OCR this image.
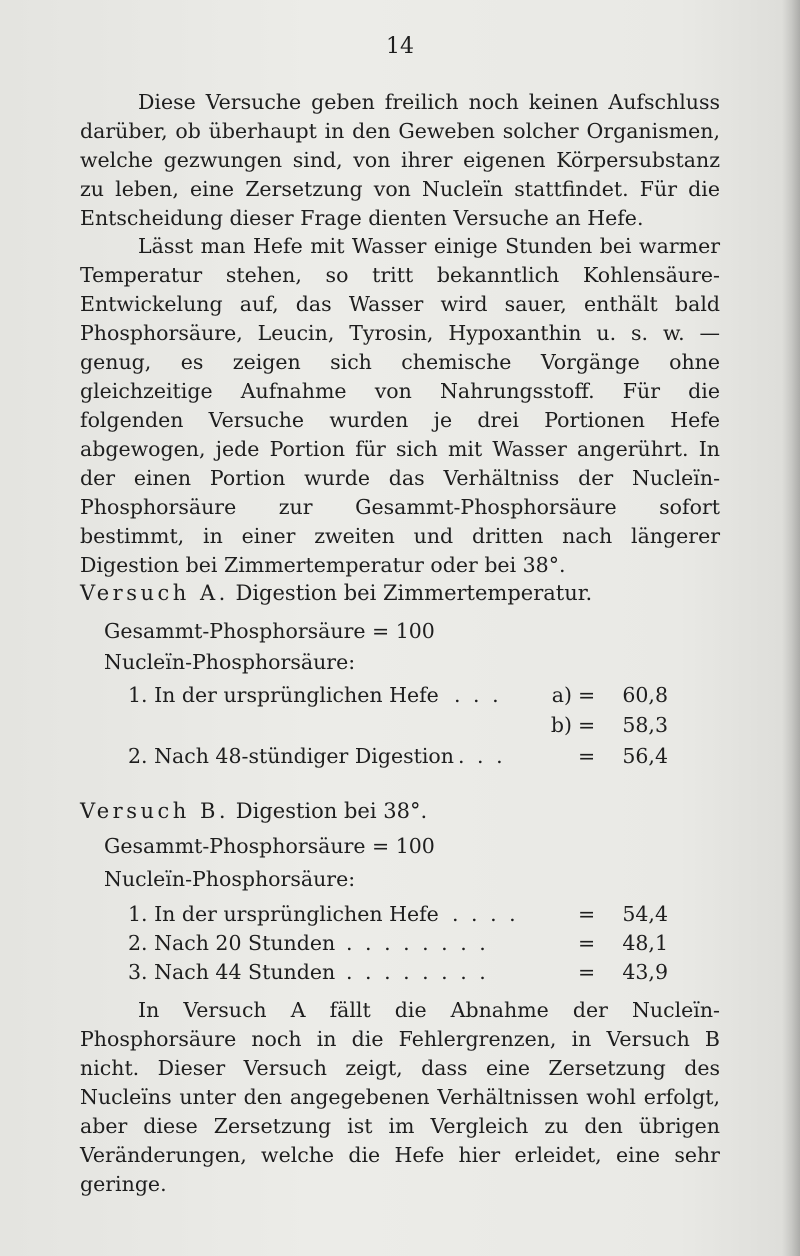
14

Diese Versuche geben freilich noch keinen Aufschluss darüber, ob überhaupt in den Geweben solcher Organismen, welche gezwungen sind, von ihrer eigenen Körpersubstanz zu leben, eine Zersetzung von Nucleïn stattfindet. Für die Entscheidung dieser Frage dienten Versuche an Hefe.

Lässt man Hefe mit Wasser einige Stunden bei warmer Temperatur stehen, so tritt bekanntlich Kohlensäure-Entwickelung auf, das Wasser wird sauer, enthält bald Phosphorsäure, Leucin, Tyrosin, Hypoxanthin u. s. w. — genug, es zeigen sich chemische Vorgänge ohne gleichzeitige Aufnahme von Nahrungsstoff. Für die folgenden Versuche wurden je drei Portionen Hefe abgewogen, jede Portion für sich mit Wasser angerührt. In der einen Portion wurde das Verhältniss der Nucleïn-Phosphorsäure zur Gesammt-Phosphorsäure sofort bestimmt, in einer zweiten und dritten nach längerer Digestion bei Zimmertemperatur oder bei 38°.

Versuch A. Digestion bei Zimmertemperatur.
Gesammt-Phosphorsäure = 100
Nucleïn-Phosphorsäure:
1. In der ursprünglichen Hefe . . . a) = 60,8
b) = 58,3
2. Nach 48-stündiger Digestion . . .	= 56,4
Versuch B. Digestion bei 38°.
Gesammt-Phosphorsäure = 100
Nucleïn-Phosphorsäure:
1. In der ursprünglichen Hefe . . . .	= 54,4
2. Nach 20 Stunden . . . . . . . .	= 48,1
3. Nach 44 Stunden . . . . . . . .	= 43,9

In Versuch A fällt die Abnahme der Nucleïn-Phosphorsäure noch in die Fehlergrenzen, in Versuch B nicht. Dieser Versuch zeigt, dass eine Zersetzung des Nucleïns unter den angegebenen Verhältnissen wohl erfolgt, aber diese Zersetzung ist im Vergleich zu den übrigen Veränderungen, welche die Hefe hier erleidet, eine sehr geringe.
